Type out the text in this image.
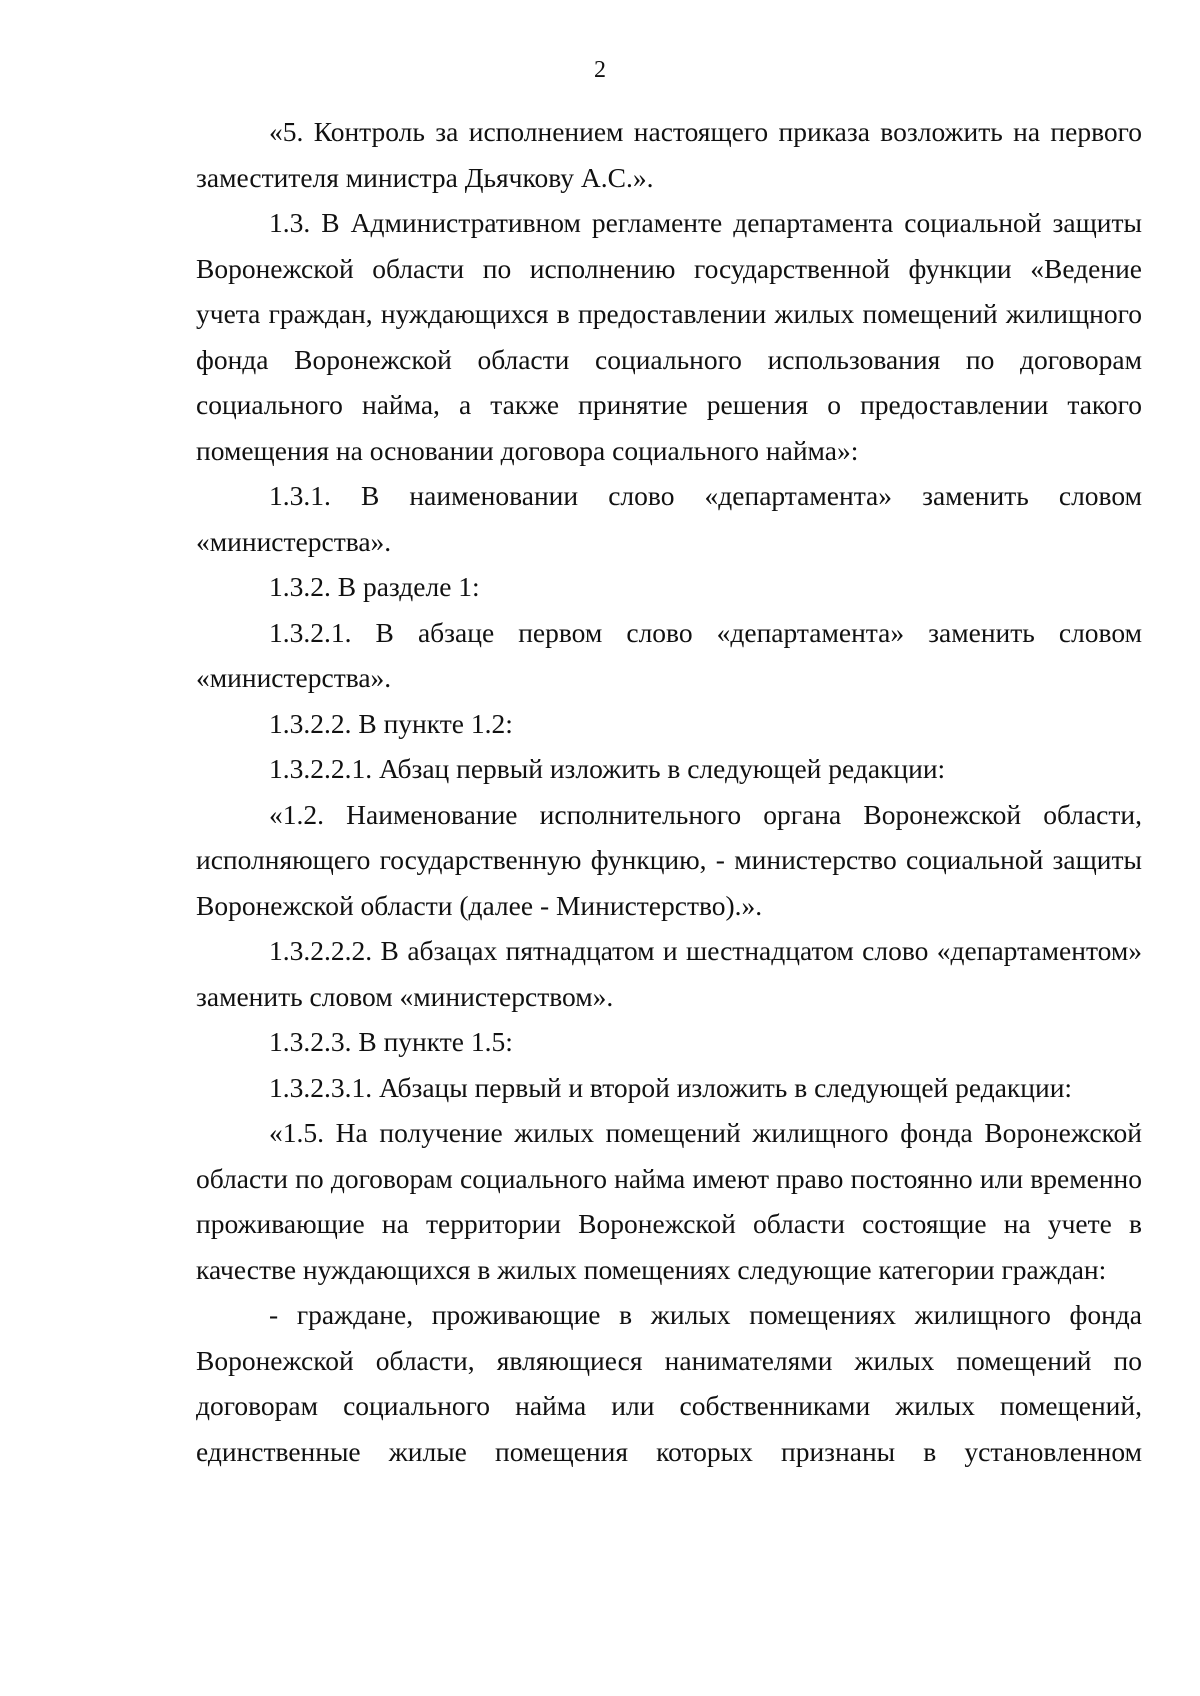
2

«5. Контроль за исполнением настоящего приказа возложить на первого заместителя министра Дьячкову А.С.».

1.3. В Административном регламенте департамента социальной защиты Воронежской области по исполнению государственной функции «Ведение учета граждан, нуждающихся в предоставлении жилых помещений жилищного фонда Воронежской области социального использования по договорам социального найма, а также принятие решения о предоставлении такого помещения на основании договора социального найма»:

1.3.1. В наименовании слово «департамента» заменить словом «министерства».

1.3.2. В разделе 1:

1.3.2.1. В абзаце первом слово «департамента» заменить словом «министерства».

1.3.2.2. В пункте 1.2:

1.3.2.2.1. Абзац первый изложить в следующей редакции:

«1.2. Наименование исполнительного органа Воронежской области, исполняющего государственную функцию, - министерство социальной защиты Воронежской области (далее - Министерство).».

1.3.2.2.2. В абзацах пятнадцатом и шестнадцатом слово «департаментом» заменить словом «министерством».

1.3.2.3. В пункте 1.5:

1.3.2.3.1. Абзацы первый и второй изложить в следующей редакции:

«1.5. На получение жилых помещений жилищного фонда Воронежской области по договорам социального найма имеют право постоянно или временно проживающие на территории Воронежской области состоящие на учете в качестве нуждающихся в жилых помещениях следующие категории граждан:

- граждане, проживающие в жилых помещениях жилищного фонда Воронежской области, являющиеся нанимателями жилых помещений по договорам социального найма или собственниками жилых помещений, единственные жилые помещения которых признаны в установленном
